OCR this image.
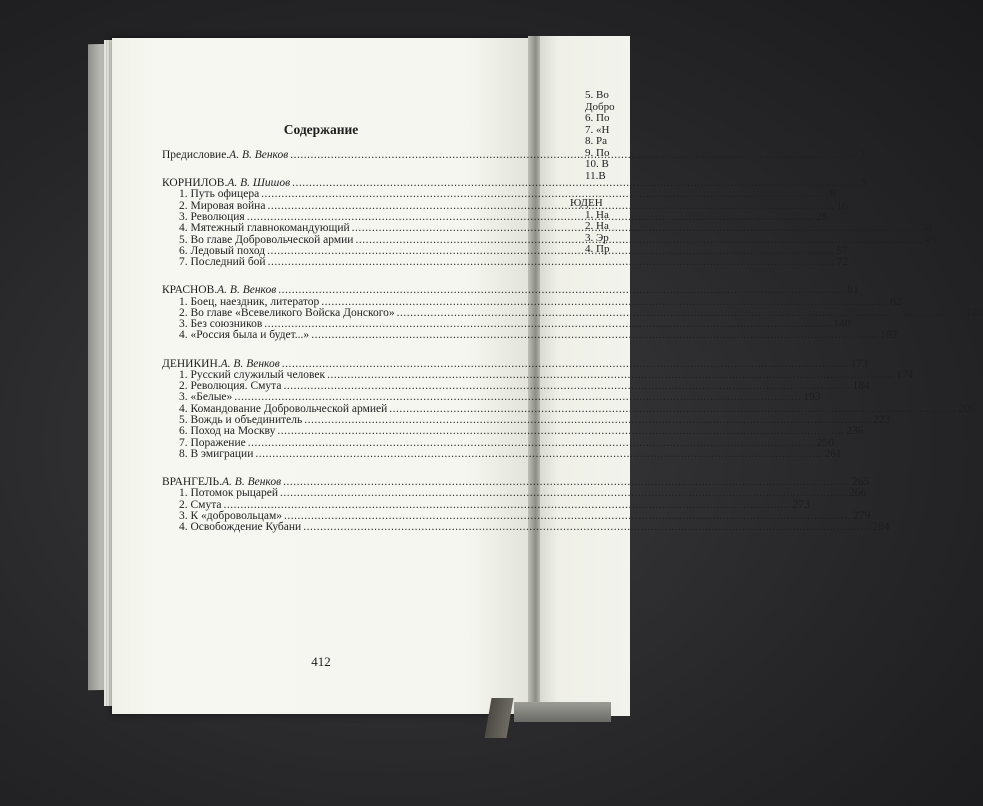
Содержание
Предисловие. А. В. Венков .....	3
КОРНИЛОВ. А. В. Шишов .....	5
1. Путь офицера .....	6
2. Мировая война .....	16
3. Революция .....	28
4. Мятежный главнокомандующий .....	38
5. Во главе Добровольческой армии .....	49
6. Ледовый поход .....	57
7. Последний бой .....	72
КРАСНОВ. А. В. Венков .....	81
1. Боец, наездник, литератор .....	82
2. Во главе «Всевеликого Войска Донского» .....	103
3. Без союзников .....	140
4. «Россия была и будет...» .....	162
ДЕНИКИН. А. В. Венков .....	173
1. Русский служилый человек .....	174
2. Революция. Смута .....	184
3. «Белые» .....	193
4. Командование Добровольческой армией .....	206
5. Вождь и объединитель .....	223
6. Поход на Москву .....	236
7. Поражение .....	250
8. В эмиграции .....	261
ВРАНГЕЛЬ. А. В. Венков .....	265
1. Потомок рыцарей .....	266
2. Смута .....	273
3. К «добровольцам» .....	279
4. Освобождение Кубани .....	284
412
5. Во
Добро
6. По
7. «Н
8. Ра
9. По
10. В
11.В
ЮДЕН
1. На
2. На
3. Эр
4. Пр
